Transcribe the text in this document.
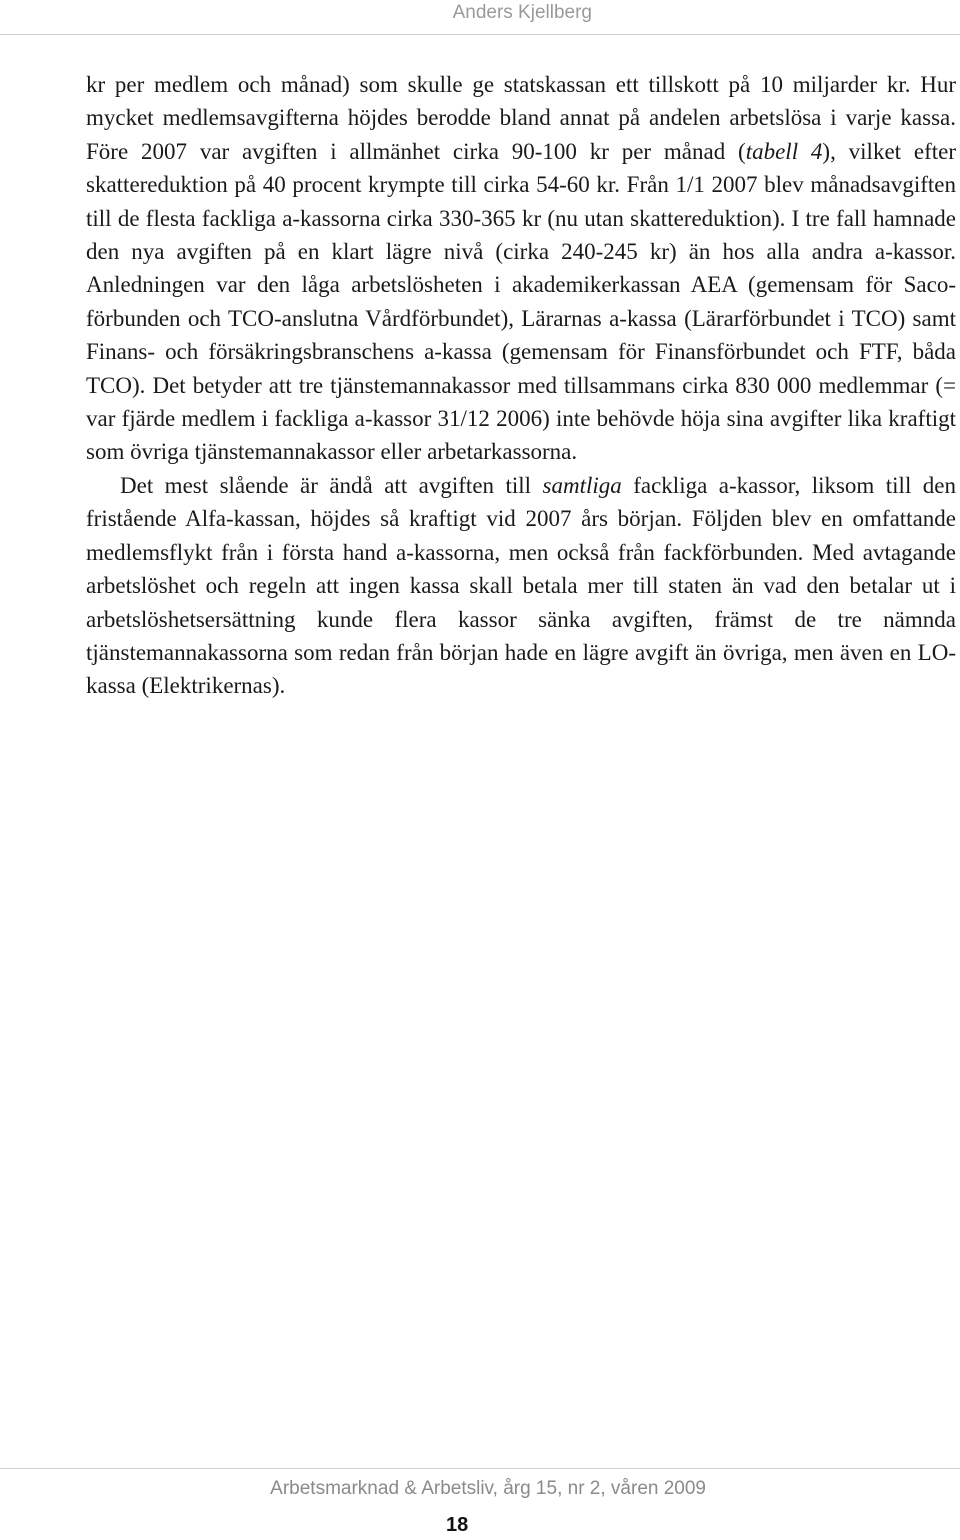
Anders Kjellberg

kr per medlem och månad) som skulle ge statskassan ett tillskott på 10 miljarder kr. Hur mycket medlemsavgifterna höjdes berodde bland annat på andelen arbetslösa i varje kassa. Före 2007 var avgiften i allmänhet cirka 90-100 kr per månad (tabell 4), vilket efter skattereduktion på 40 procent krympte till cirka 54-60 kr. Från 1/1 2007 blev månadsavgiften till de flesta fackliga a-kassorna cirka 330-365 kr (nu utan skattereduktion). I tre fall hamnade den nya avgiften på en klart lägre nivå (cirka 240-245 kr) än hos alla andra a-kassor. Anledningen var den låga arbetslösheten i akademikerkassan AEA (gemensam för Saco-förbunden och TCO-anslutna Vårdförbundet), Lärarnas a-kassa (Lärarförbundet i TCO) samt Finans- och försäkringsbranschens a-kassa (gemensam för Finansförbundet och FTF, båda TCO). Det betyder att tre tjänstemannakassor med tillsammans cirka 830 000 medlemmar (= var fjärde medlem i fackliga a-kassor 31/12 2006) inte behövde höja sina avgifter lika kraftigt som övriga tjänstemannakassor eller arbetarkassorna.

Det mest slående är ändå att avgiften till samtliga fackliga a-kassor, liksom till den fristående Alfa-kassan, höjdes så kraftigt vid 2007 års början. Följden blev en omfattande medlemsflykt från i första hand a-kassorna, men också från fackförbunden. Med avtagande arbetslöshet och regeln att ingen kassa skall betala mer till staten än vad den betalar ut i arbetslöshetsersättning kunde flera kassor sänka avgiften, främst de tre nämnda tjänstemannakassorna som redan från början hade en lägre avgift än övriga, men även en LO-kassa (Elektrikernas).

Arbetsmarknad & Arbetsliv, årg 15, nr 2, våren 2009
18
